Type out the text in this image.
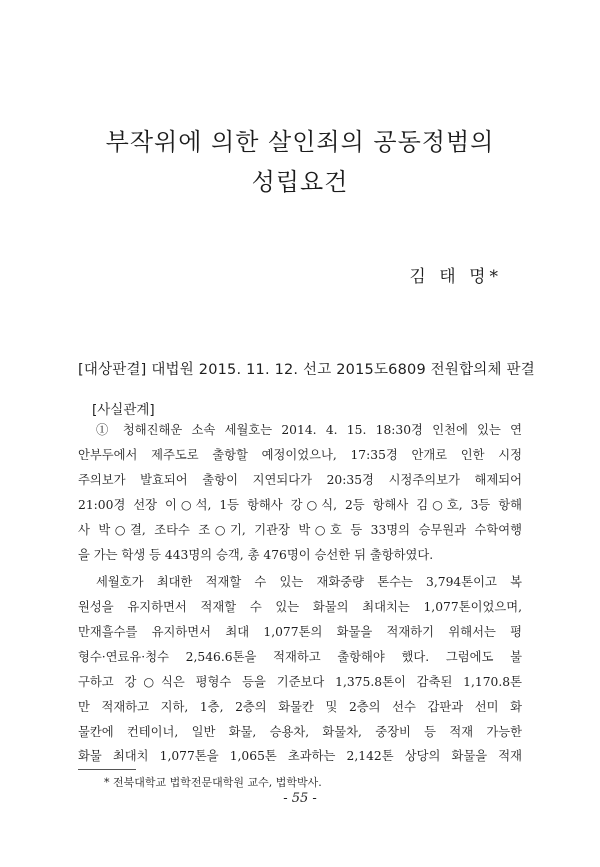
부작위에 의한 살인죄의 공동정범의
성립요건
김 태 명*
[대상판결] 대법원 2015. 11. 12. 선고 2015도6809 전원합의체 판결
[사실관계]
① 청해진해운 소속 세월호는 2014. 4. 15. 18:30경 인천에 있는 연
안부두에서 제주도로 출항할 예정이었으나, 17:35경 안개로 인한 시정
주의보가 발효되어 출항이 지연되다가 20:35경 시정주의보가 해제되어
21:00경 선장 이○석, 1등 항해사 강○식, 2등 항해사 김○호, 3등 항해
사 박○결, 조타수 조○기, 기관장 박○호 등 33명의 승무원과 수학여행
을 가는 학생 등 443명의 승객, 총 476명이 승선한 뒤 출항하였다.
세월호가 최대한 적재할 수 있는 재화중량 톤수는 3,794톤이고 복
원성을 유지하면서 적재할 수 있는 화물의 최대치는 1,077톤이었으며,
만재흘수를 유지하면서 최대 1,077톤의 화물을 적재하기 위해서는 평
형수·연료유·청수 2,546.6톤을 적재하고 출항해야 했다. 그럼에도 불
구하고 강○식은 평형수 등을 기준보다 1,375.8톤이 감축된 1,170.8톤
만 적재하고 지하, 1층, 2층의 화물칸 및 2층의 선수 갑판과 선미 화
물칸에 컨테이너, 일반 화물, 승용차, 화물차, 중장비 등 적재 가능한
* 전북대학교 법학전문대학원 교수, 법학박사.
- 55 -
화물 최대치 1,077톤을 1,065톤 초과하는 2,142톤 상당의 화물을 적재
